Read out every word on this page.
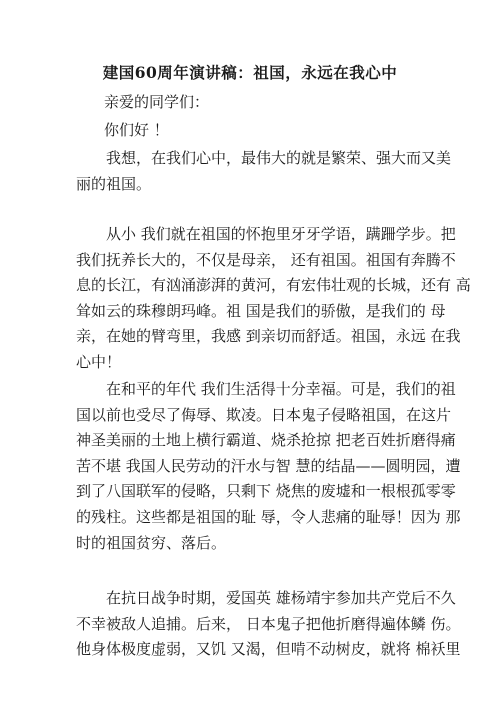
建国60周年演讲稿：祖国，永远在我心中

亲爱的同学们：

你们好 ！

　　我想，在我们心中，最伟大的就是繁荣、强大而又美
丽的祖国。
　　从小 我们就在祖国的怀抱里牙牙学语，蹒跚学步。把
我们抚养长大的，不仅是母亲， 还有祖国。祖国有奔腾不
息的长江，有汹涌澎湃的黄河，有宏伟壮观的长城，还有 高
耸如云的珠穆朗玛峰。祖 国是我们的骄傲，是我们的 母
亲，在她的臂弯里，我感 到亲切而舒适。祖国，永远 在我
心中！
　　在和平的年代 我们生活得十分幸福。可是，我们的祖
国以前也受尽了侮辱、欺凌。日本鬼子侵略祖国，在这片
神圣美丽的土地上横行霸道、烧杀抢掠 把老百姓折磨得痛
苦不堪 我国人民劳动的汗水与智 慧的结晶——圆明园，遭
到了八国联军的侵略，只剩下 烧焦的废墟和一根根孤零零
的残柱。这些都是祖国的耻 辱，令人悲痛的耻辱！因为 那
时的祖国贫穷、落后。
　　在抗日战争时期，爱国英 雄杨靖宇参加共产党后不久
不幸被敌人追捕。后来， 日本鬼子把他折磨得遍体鳞 伤。
他身体极度虚弱，又饥 又渴，但啃不动树皮，就将 棉袄里
